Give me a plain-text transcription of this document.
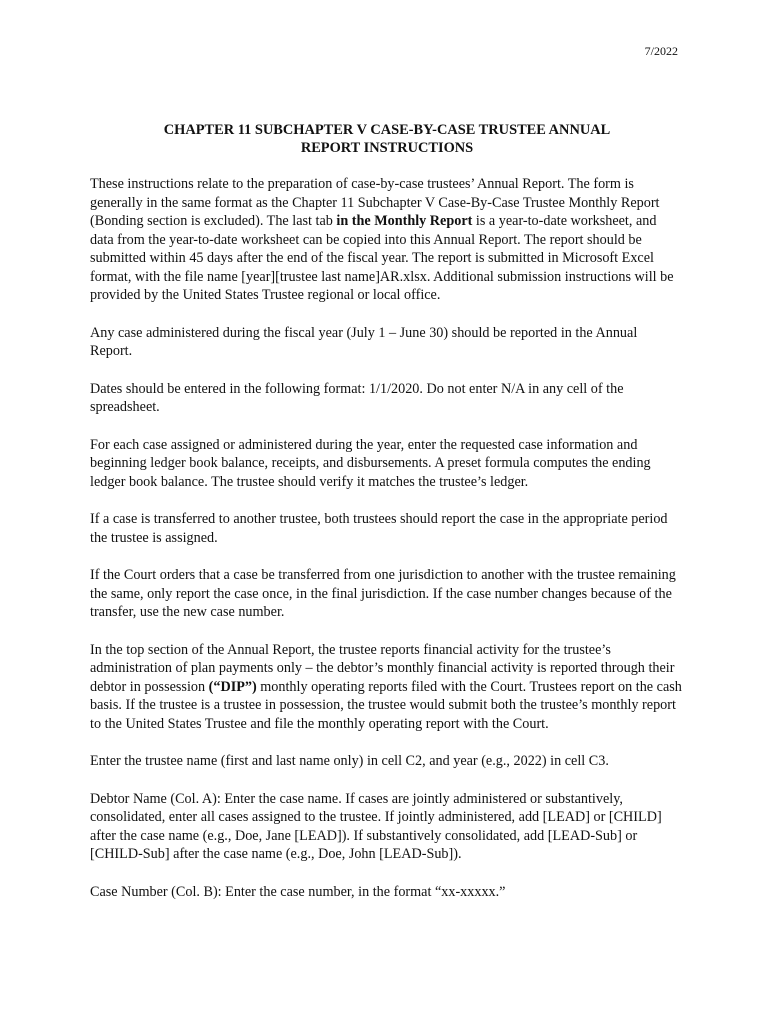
7/2022
CHAPTER 11 SUBCHAPTER V CASE-BY-CASE TRUSTEE ANNUAL
REPORT INSTRUCTIONS

These instructions relate to the preparation of case-by-case trustees’ Annual Report. The form is generally in the same format as the Chapter 11 Subchapter V Case-By-Case Trustee Monthly Report (Bonding section is excluded). The last tab in the Monthly Report is a year-to-date worksheet, and data from the year-to-date worksheet can be copied into this Annual Report. The report should be submitted within 45 days after the end of the fiscal year. The report is submitted in Microsoft Excel format, with the file name [year][trustee last name]AR.xlsx. Additional submission instructions will be provided by the United States Trustee regional or local office.

Any case administered during the fiscal year (July 1 – June 30) should be reported in the Annual Report.

Dates should be entered in the following format: 1/1/2020. Do not enter N/A in any cell of the spreadsheet.

For each case assigned or administered during the year, enter the requested case information and beginning ledger book balance, receipts, and disbursements. A preset formula computes the ending ledger book balance. The trustee should verify it matches the trustee’s ledger.

If a case is transferred to another trustee, both trustees should report the case in the appropriate period the trustee is assigned.

If the Court orders that a case be transferred from one jurisdiction to another with the trustee remaining the same, only report the case once, in the final jurisdiction. If the case number changes because of the transfer, use the new case number.

In the top section of the Annual Report, the trustee reports financial activity for the trustee’s administration of plan payments only – the debtor’s monthly financial activity is reported through their debtor in possession (“DIP”) monthly operating reports filed with the Court. Trustees report on the cash basis. If the trustee is a trustee in possession, the trustee would submit both the trustee’s monthly report to the United States Trustee and file the monthly operating report with the Court.

Enter the trustee name (first and last name only) in cell C2, and year (e.g., 2022) in cell C3.

Debtor Name (Col. A): Enter the case name. If cases are jointly administered or substantively, consolidated, enter all cases assigned to the trustee. If jointly administered, add [LEAD] or [CHILD] after the case name (e.g., Doe, Jane [LEAD]). If substantively consolidated, add [LEAD-Sub] or [CHILD-Sub] after the case name (e.g., Doe, John [LEAD-Sub]).

Case Number (Col. B): Enter the case number, in the format “xx-xxxxx.”
